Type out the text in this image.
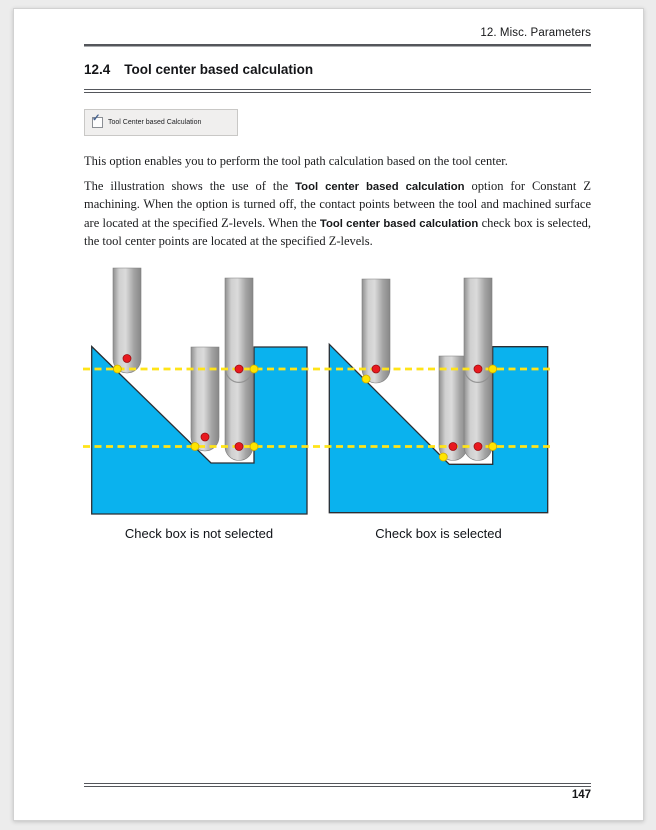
12. Misc. Parameters
12.4 Tool center based calculation
✓ Tool Center based Calculation
This option enables you to perform the tool path calculation based on the tool center.
The illustration shows the use of the Tool center based calculation option for Constant Z machining. When the option is turned off, the contact points between the tool and machined surface are located at the specified Z-levels. When the Tool center based calculation check box is selected, the tool center points are located at the specified Z-levels.
Check box is not selected	Check box is selected
147
